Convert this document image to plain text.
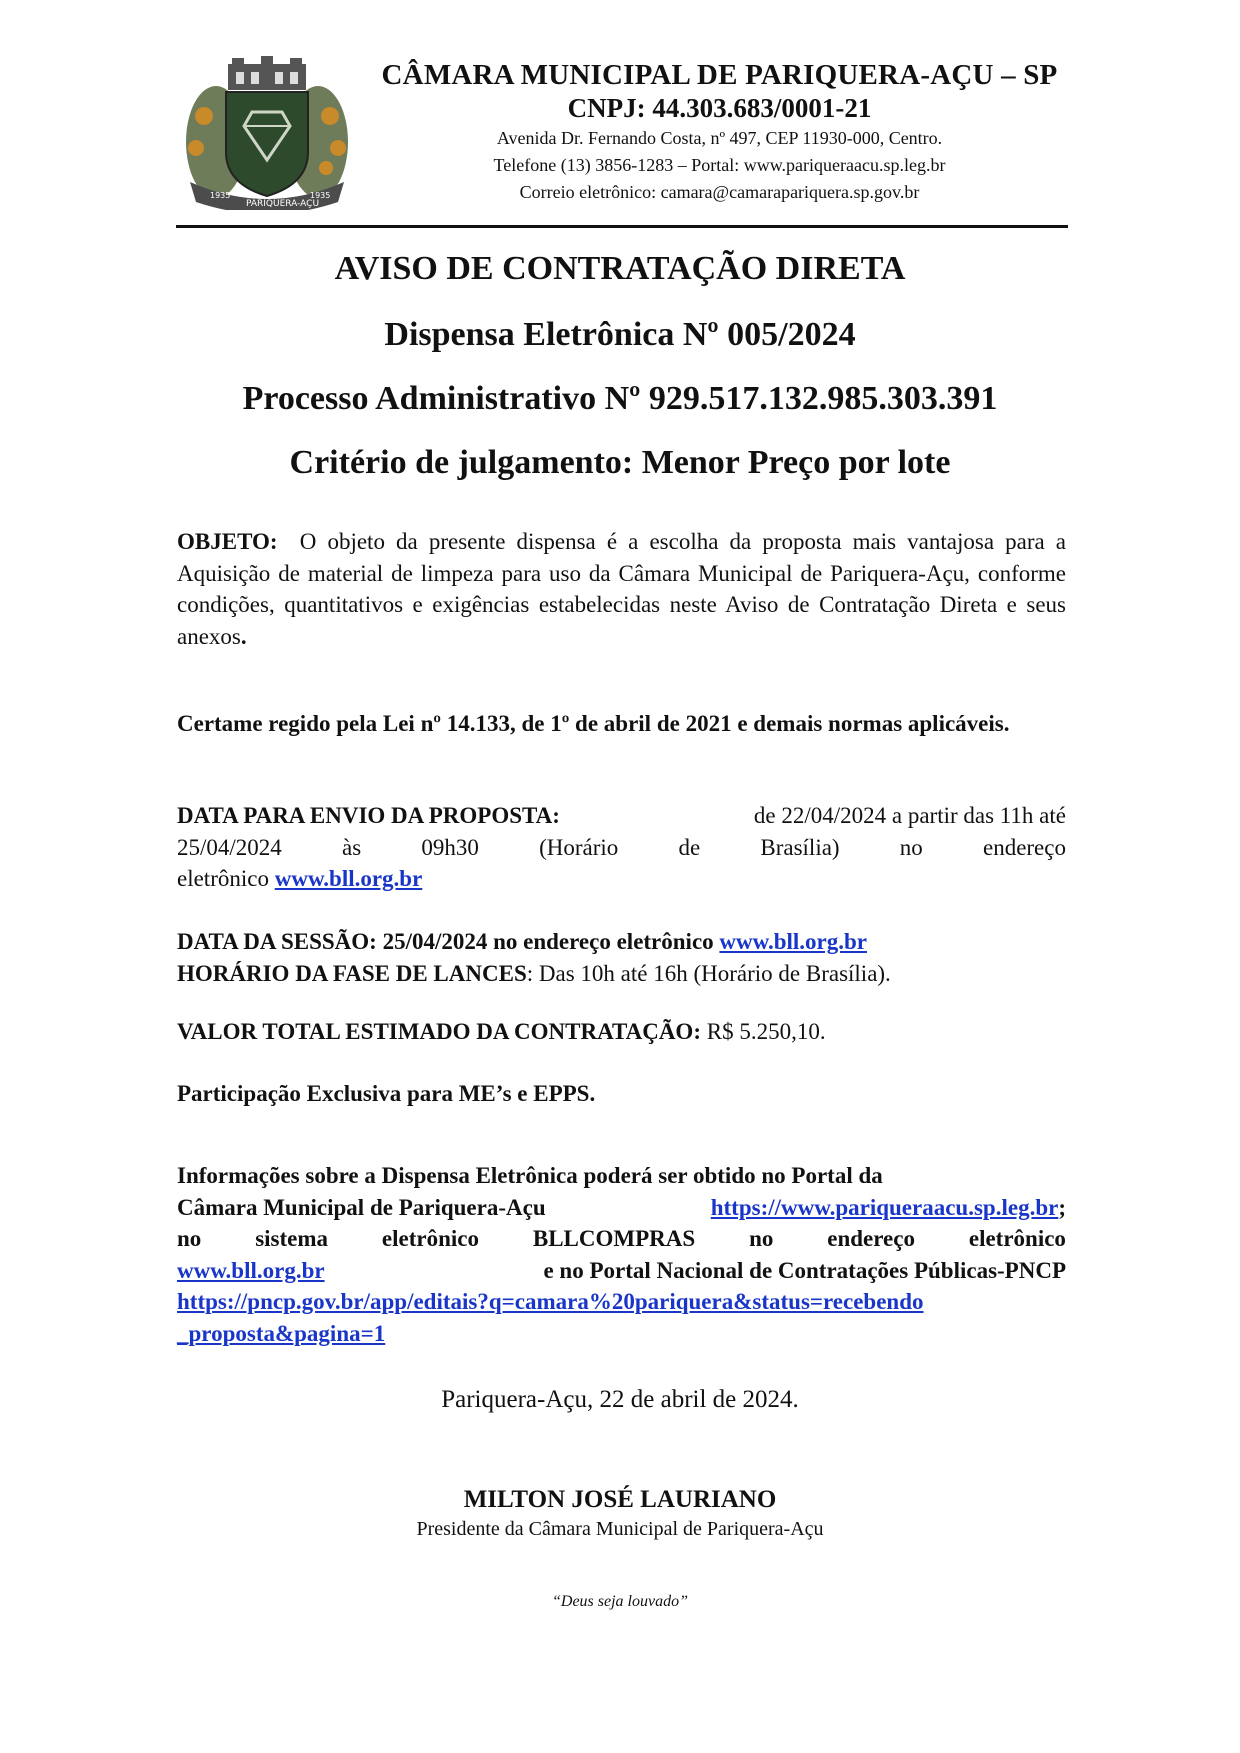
1935
PARIQUERA-AÇU
1935
CÂMARA MUNICIPAL DE PARIQUERA-AÇU – SP
CNPJ: 44.303.683/0001-21
Avenida Dr. Fernando Costa, nº 497, CEP 11930-000, Centro.
Telefone (13) 3856-1283 – Portal: www.pariqueraacu.sp.leg.br
Correio eletrônico: camara@camarapariquera.sp.gov.br
AVISO DE CONTRATAÇÃO DIRETA
Dispensa Eletrônica Nº 005/2024
Processo Administrativo Nº 929.517.132.985.303.391
Critério de julgamento: Menor Preço por lote
OBJETO: O objeto da presente dispensa é a escolha da proposta mais vantajosa para a Aquisição de material de limpeza para uso da Câmara Municipal de Pariquera-Açu, conforme condições, quantitativos e exigências estabelecidas neste Aviso de Contratação Direta e seus anexos.
Certame regido pela Lei nº 14.133, de 1º de abril de 2021 e demais normas aplicáveis.
DATA PARA ENVIO DA PROPOSTA:	de 22/04/2024 a partir das 11h até
25/04/2024	às	09h30	(Horário	de	Brasília)	no	endereço
eletrônico www.bll.org.br
DATA DA SESSÃO: 25/04/2024 no endereço eletrônico www.bll.org.br
HORÁRIO DA FASE DE LANCES: Das 10h até 16h (Horário de Brasília).
VALOR TOTAL ESTIMADO DA CONTRATAÇÃO: R$ 5.250,10.
Participação Exclusiva para ME’s e EPPS.
Informações sobre a Dispensa Eletrônica poderá ser obtido no Portal da
Câmara Municipal de Pariquera-Açu	https://www.pariqueraacu.sp.leg.br;
no sistema eletrônico BLLCOMPRAS no endereço eletrônico
www.bll.org.br	e no Portal Nacional de Contratações Públicas-PNCP
https://pncp.gov.br/app/editais?q=camara%20pariquera&status=recebendo
_proposta&pagina=1
Pariquera-Açu, 22 de abril de 2024.
MILTON JOSÉ LAURIANO
Presidente da Câmara Municipal de Pariquera-Açu
“Deus seja louvado”
